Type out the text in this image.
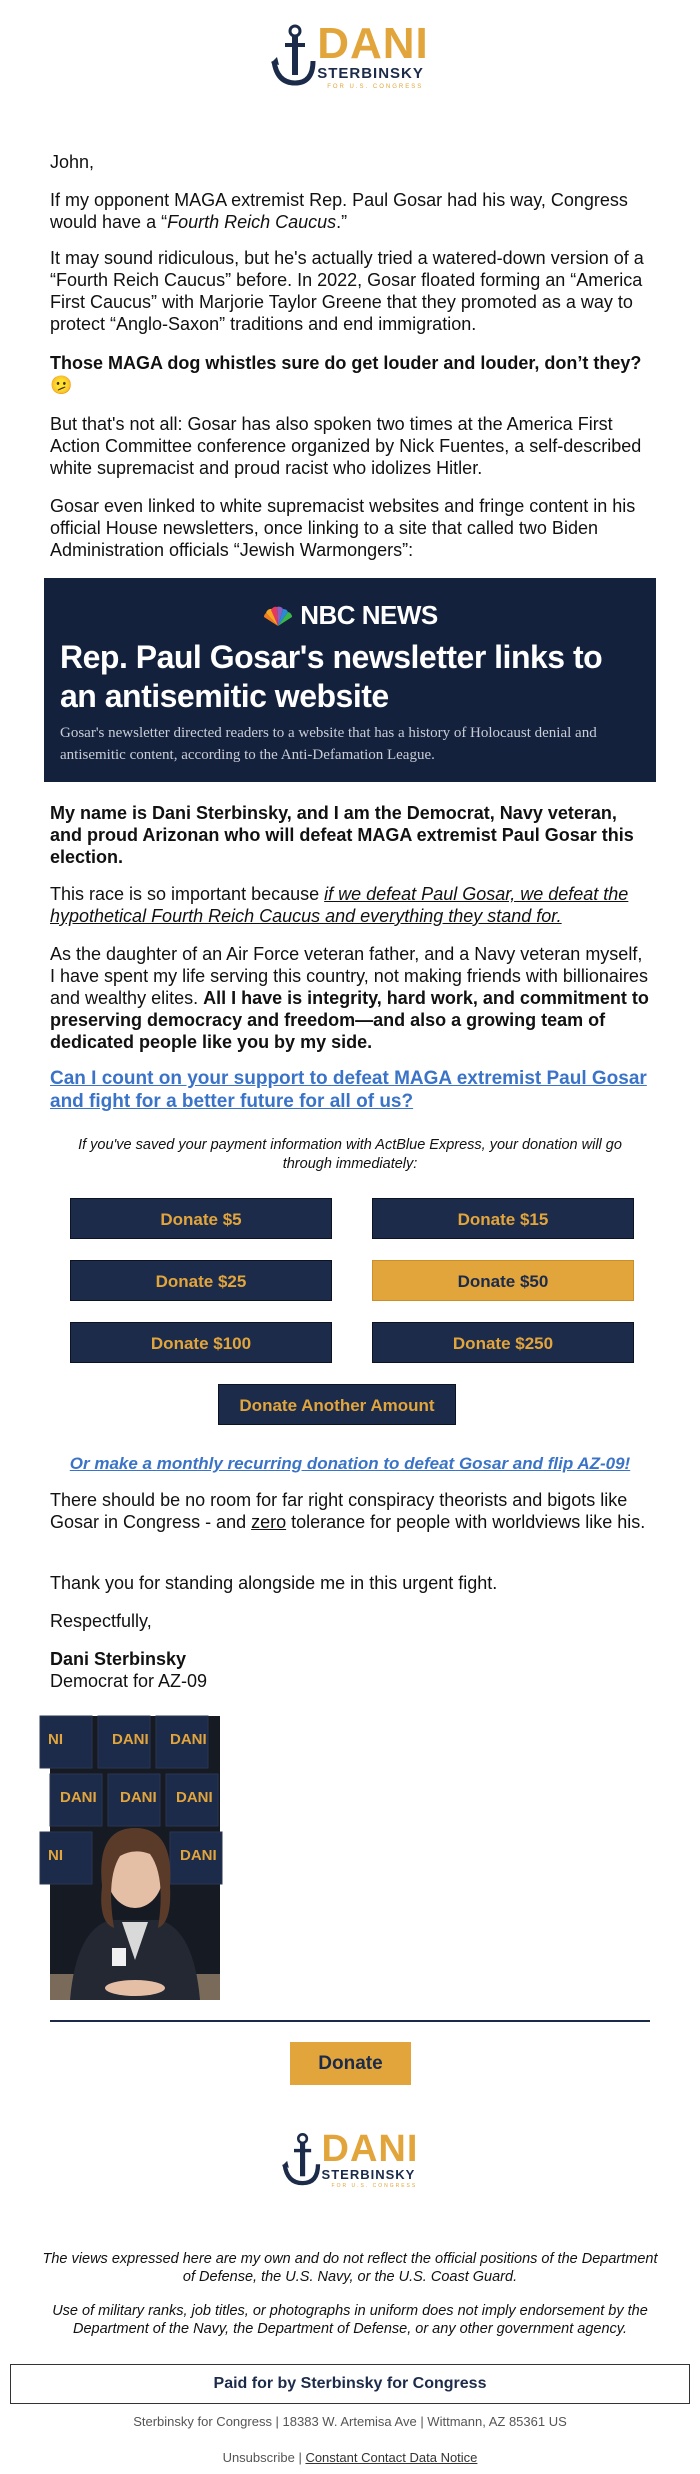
DANI
STERBINSKY
FOR U.S. CONGRESS

John,

If my opponent MAGA extremist Rep. Paul Gosar had his way, Congress would have a “Fourth Reich Caucus.”

It may sound ridiculous, but he's actually tried a watered-down version of a “Fourth Reich Caucus” before. In 2022, Gosar floated forming an “America First Caucus” with Marjorie Taylor Greene that they promoted as a way to protect “Anglo-Saxon” traditions and end immigration.

Those MAGA dog whistles sure do get louder and louder, don’t they? 🫤

But that's not all: Gosar has also spoken two times at the America First Action Committee conference organized by Nick Fuentes, a self-described white supremacist and proud racist who idolizes Hitler.

Gosar even linked to white supremacist websites and fringe content in his official House newsletters, once linking to a site that called two Biden Administration officials “Jewish Warmongers”:

NBC NEWS
Rep. Paul Gosar's newsletter links to an antisemitic website
Gosar's newsletter directed readers to a website that has a history of Holocaust denial and antisemitic content, according to the Anti-Defamation League.

My name is Dani Sterbinsky, and I am the Democrat, Navy veteran, and proud Arizonan who will defeat MAGA extremist Paul Gosar this election.

This race is so important because if we defeat Paul Gosar, we defeat the hypothetical Fourth Reich Caucus and everything they stand for.

As the daughter of an Air Force veteran father, and a Navy veteran myself, I have spent my life serving this country, not making friends with billionaires and wealthy elites. All I have is integrity, hard work, and commitment to preserving democracy and freedom—and also a growing team of dedicated people like you by my side.

Can I count on your support to defeat MAGA extremist Paul Gosar and fight for a better future for all of us?
If you've saved your payment information with ActBlue Express, your donation will go through immediately:
Donate $5	Donate $15
Donate $25	Donate $50
Donate $100	Donate $250
Donate Another Amount
Or make a monthly recurring donation to defeat Gosar and flip AZ-09!

There should be no room for far right conspiracy theorists and bigots like Gosar in Congress - and zero tolerance for people with worldviews like his.

Thank you for standing alongside me in this urgent fight.

Respectfully,

Dani Sterbinsky

Democrat for AZ-09

NI	DANI DANI
DANI DANI DANI
NI	DANI
Donate
DANI
STERBINSKY
FOR U.S. CONGRESS
The views expressed here are my own and do not reflect the official positions of the Department of Defense, the U.S. Navy, or the U.S. Coast Guard.
Use of military ranks, job titles, or photographs in uniform does not imply endorsement by the Department of the Navy, the Department of Defense, or any other government agency.
Paid for by Sterbinsky for Congress
Sterbinsky for Congress | 18383 W. Artemisa Ave | Wittmann, AZ 85361 US
Unsubscribe | Constant Contact Data Notice
